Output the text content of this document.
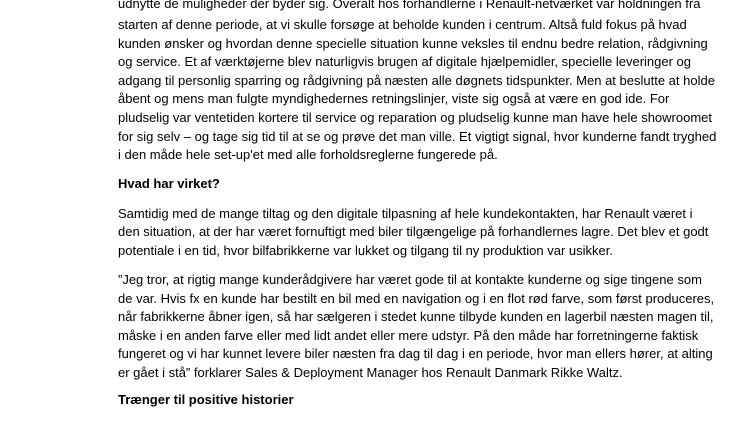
udnytte de muligheder der byder sig. Overalt hos forhandlerne i Renault-netværket var holdningen fra
starten af denne periode, at vi skulle forsøge at beholde kunden i centrum. Altså fuld fokus på hvad
kunden ønsker og hvordan denne specielle situation kunne veksles til endnu bedre relation, rådgivning
og service. Et af værktøjerne blev naturligvis brugen af digitale hjælpemidler, specielle leveringer og
adgang til personlig sparring og rådgivning på næsten alle døgnets tidspunkter. Men at beslutte at holde
åbent og mens man fulgte myndighedernes retningslinjer, viste sig også at være en god ide. For
pludselig var ventetiden kortere til service og reparation og pludselig kunne man have hele showroomet
for sig selv – og tage sig tid til at se og prøve det man ville. Et vigtigt signal, hvor kunderne fandt tryghed
i den måde hele set-up'et med alle forholdsreglerne fungerede på.
Hvad har virket?
Samtidig med de mange tiltag og den digitale tilpasning af hele kundekontakten, har Renault været i
den situation, at der har været fornuftigt med biler tilgængelige på forhandlernes lagre. Det blev et godt
potentiale i en tid, hvor bilfabrikkerne var lukket og tilgang til ny produktion var usikker.
”Jeg tror, at rigtig mange kunderådgivere har været gode til at kontakte kunderne og sige tingene som
de var. Hvis fx en kunde har bestilt en bil med en navigation og i en flot rød farve, som først produceres,
når fabrikkerne åbner igen, så har sælgeren i stedet kunne tilbyde kunden en lagerbil næsten magen til,
måske i en anden farve eller med lidt andet eller mere udstyr. På den måde har forretningerne faktisk
fungeret og vi har kunnet levere biler næsten fra dag til dag i en periode, hvor man ellers hører, at alting
er gået i stå” forklarer Sales & Deployment Manager hos Renault Danmark Rikke Waltz.
Trænger til positive historier
